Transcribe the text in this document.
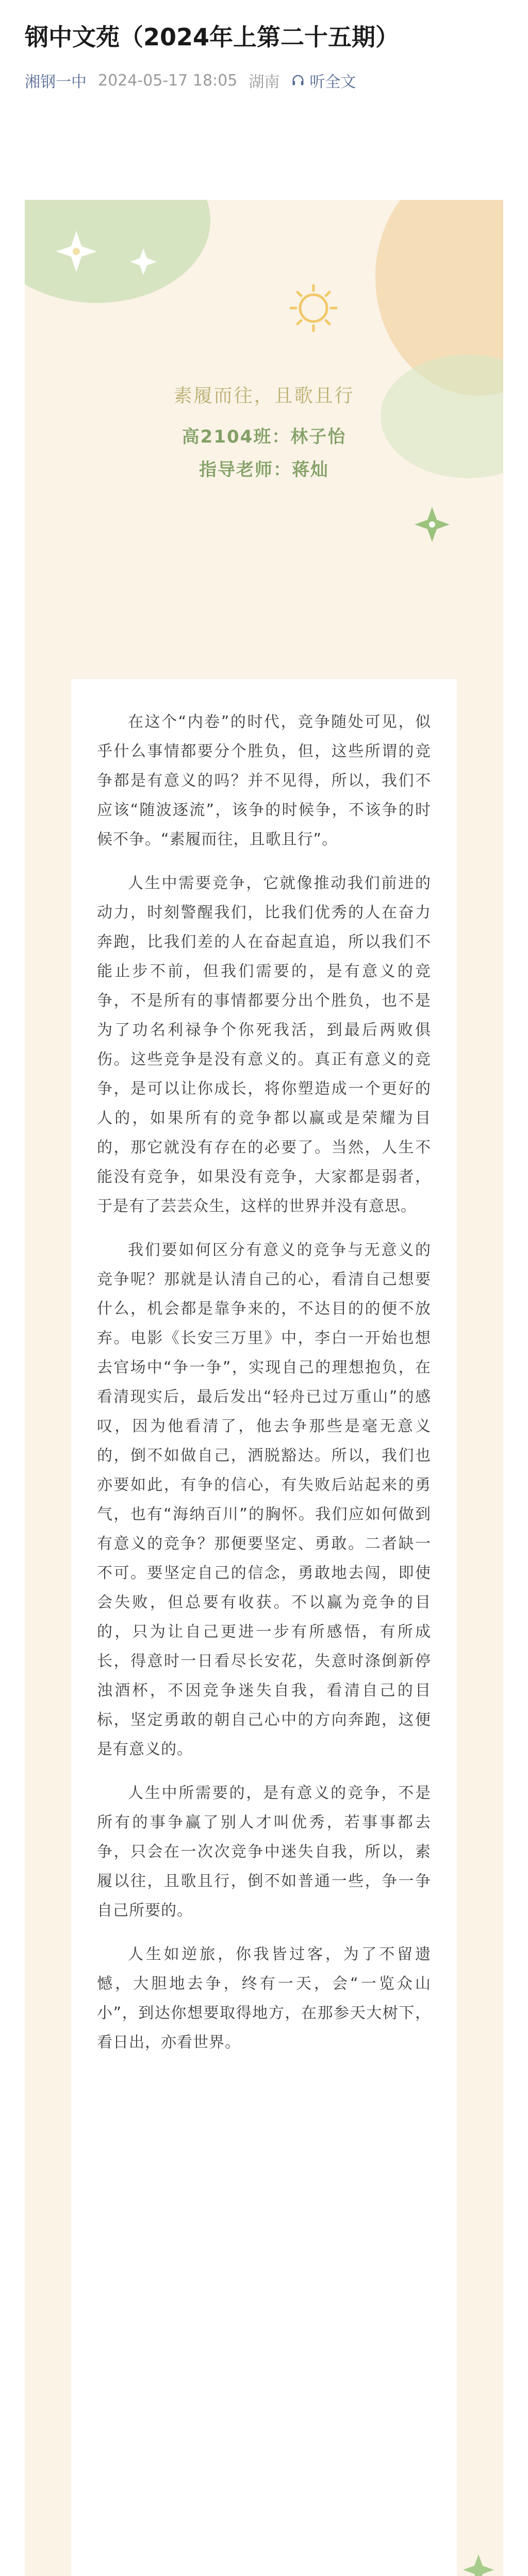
钢中文苑（2024年上第二十五期）
湘钢一中 2024-05-17 18:05 湖南 听全文
素履而往，且歌且行
高2104班：林子怡
指导老师：蒋灿

在这个“内卷”的时代，竞争随处可见，似乎什么事情都要分个胜负，但，这些所谓的竞争都是有意义的吗？并不见得，所以，我们不应该“随波逐流”，该争的时候争，不该争的时候不争。“素履而往，且歌且行”。

人生中需要竞争，它就像推动我们前进的动力，时刻警醒我们，比我们优秀的人在奋力奔跑，比我们差的人在奋起直追，所以我们不能止步不前，但我们需要的，是有意义的竞争，不是所有的事情都要分出个胜负，也不是为了功名利禄争个你死我活，到最后两败俱伤。这些竞争是没有意义的。真正有意义的竞争，是可以让你成长，将你塑造成一个更好的人的，如果所有的竞争都以赢或是荣耀为目的，那它就没有存在的必要了。当然，人生不能没有竞争，如果没有竞争，大家都是弱者，于是有了芸芸众生，这样的世界并没有意思。

我们要如何区分有意义的竞争与无意义的竞争呢？那就是认清自己的心，看清自己想要什么，机会都是靠争来的，不达目的的便不放弃。电影《长安三万里》中，李白一开始也想去官场中“争一争”，实现自己的理想抱负，在看清现实后，最后发出“轻舟已过万重山”的感叹，因为他看清了，他去争那些是毫无意义的，倒不如做自己，洒脱豁达。所以，我们也亦要如此，有争的信心，有失败后站起来的勇气，也有“海纳百川”的胸怀。我们应如何做到有意义的竞争？那便要坚定、勇敢。二者缺一不可。要坚定自己的信念，勇敢地去闯，即使会失败，但总要有收获。不以赢为竞争的目的，只为让自己更进一步有所感悟，有所成长，得意时一日看尽长安花，失意时涤倒新停浊酒杯，不因竞争迷失自我，看清自己的目标，坚定勇敢的朝自己心中的方向奔跑，这便是有意义的。

人生中所需要的，是有意义的竞争，不是所有的事争赢了别人才叫优秀，若事事都去争，只会在一次次竞争中迷失自我，所以，素履以往，且歌且行，倒不如普通一些，争一争自己所要的。

人生如逆旅，你我皆过客，为了不留遗憾，大胆地去争，终有一天，会“一览众山小”，到达你想要取得地方，在那参天大树下，看日出，亦看世界。
